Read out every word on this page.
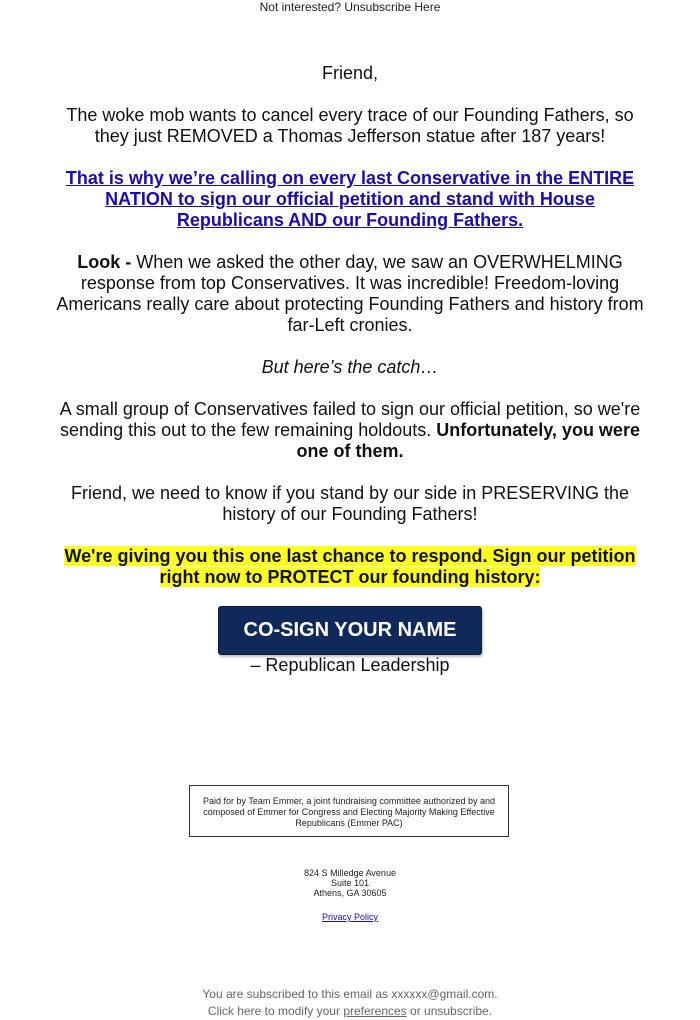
Not interested? Unsubscribe Here

Friend,

The woke mob wants to cancel every trace of our Founding Fathers, so they just REMOVED a Thomas Jefferson statue after 187 years!

That is why we’re calling on every last Conservative in the ENTIRE NATION to sign our official petition and stand with House Republicans AND our Founding Fathers.

Look - When we asked the other day, we saw an OVERWHELMING response from top Conservatives. It was incredible! Freedom-loving Americans really care about protecting Founding Fathers and history from far-Left cronies.

But here’s the catch…

A small group of Conservatives failed to sign our official petition, so we're sending this out to the few remaining holdouts. Unfortunately, you were one of them.

Friend, we need to know if you stand by our side in PRESERVING the history of our Founding Fathers!

We're giving you this one last chance to respond. Sign our petition right now to PROTECT our founding history:

CO-SIGN YOUR NAME

– Republican Leadership

Paid for by Team Emmer, a joint fundraising committee authorized by and composed of Emmer for Congress and Electing Majority Making Effective Republicans (Emmer PAC)
824 S Milledge Avenue
Suite 101
Athens, GA 30605
Privacy Policy
You are subscribed to this email as xxxxxx@gmail.com.
Click here to modify your preferences or unsubscribe.
